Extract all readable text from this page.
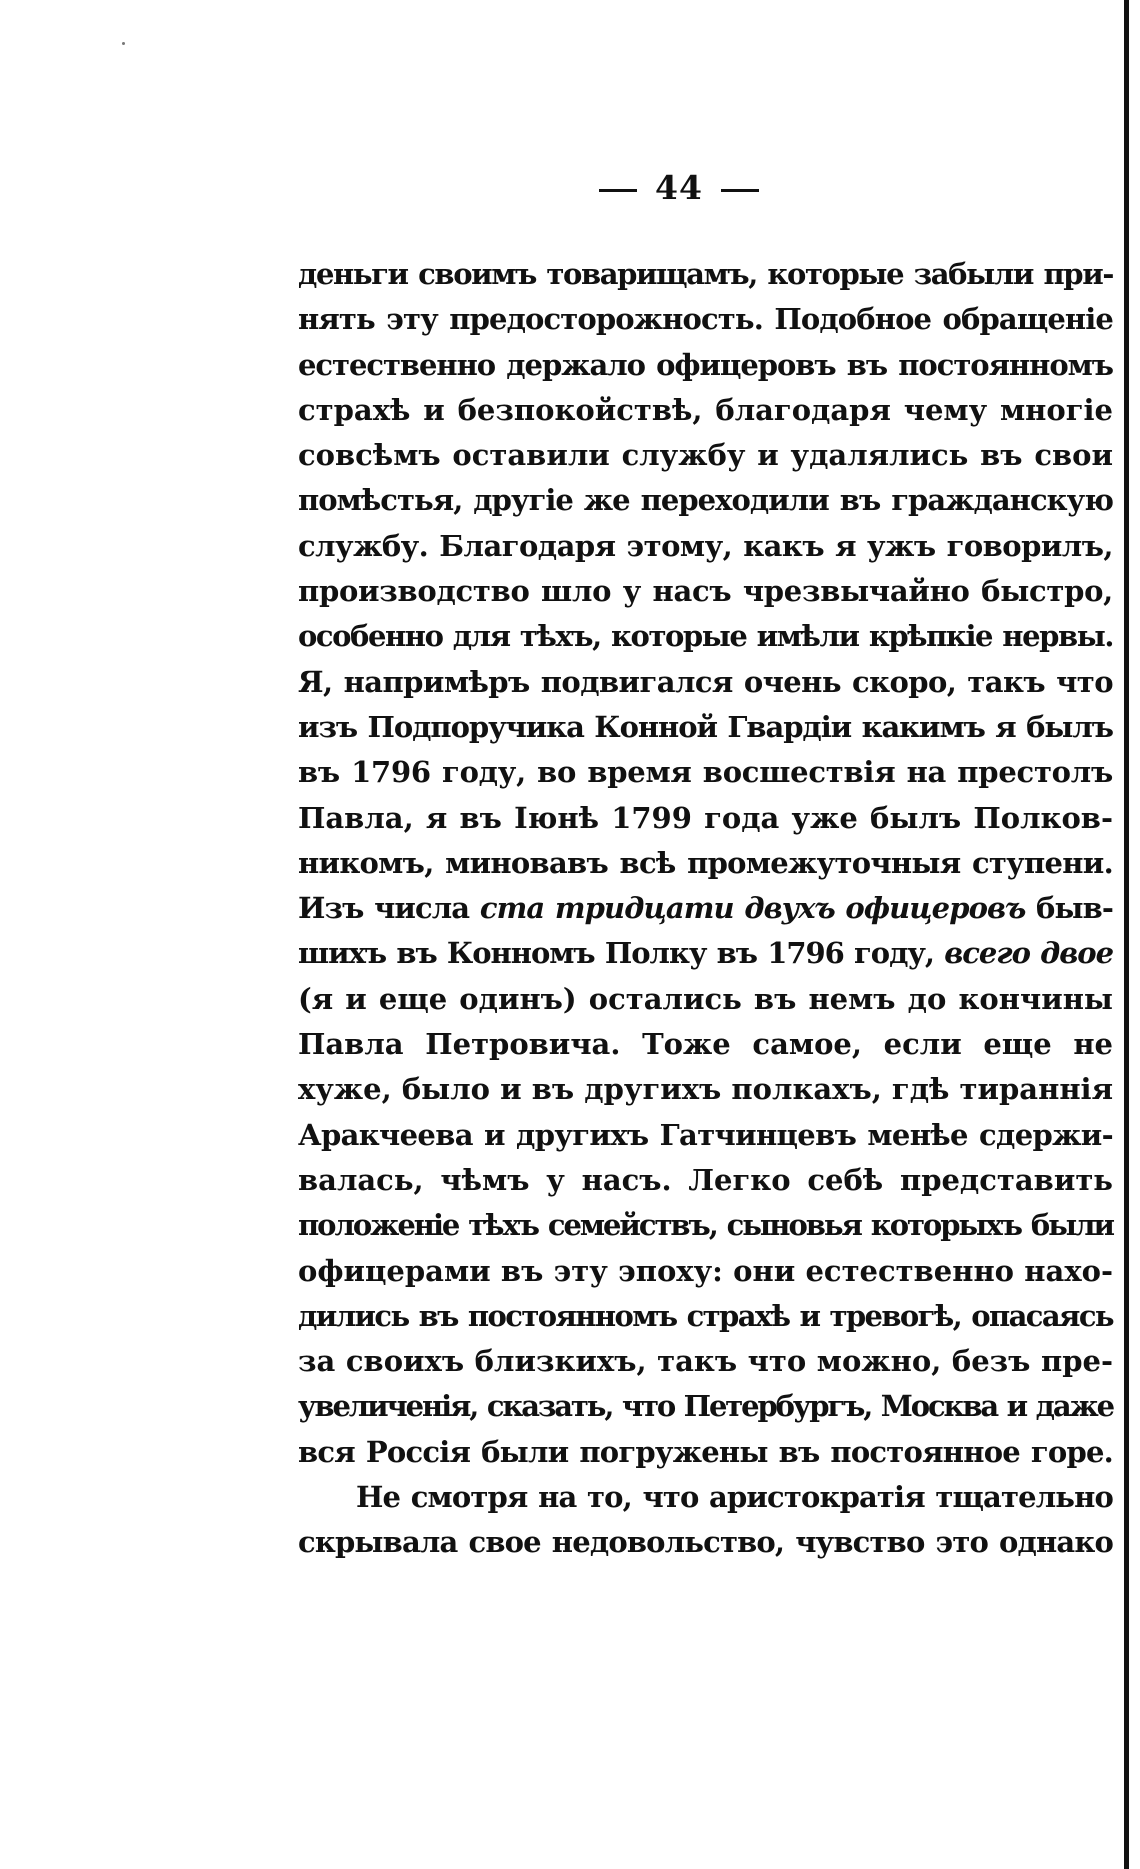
44
деньги своимъ товарищамъ, которые забыли при-
нять эту предосторожность. Подобное обращеніе
естественно держало офицеровъ въ постоянномъ
страхѣ и безпокойствѣ, благодаря чему многіе
совсѣмъ оставили службу и удалялись въ свои
помѣстья, другіе же переходили въ гражданскую
службу. Благодаря этому, какъ я ужъ говорилъ,
производство шло у насъ чрезвычайно быстро,
особенно для тѣхъ, которые имѣли крѣпкіе нервы.
Я, напримѣръ подвигался очень скоро, такъ что
изъ Подпоручика Конной Гвардіи какимъ я былъ
въ 1796 году, во время восшествія на престолъ
Павла, я въ Іюнѣ 1799 года уже былъ Полков-
никомъ, миновавъ всѣ промежуточныя ступени.
Изъ числа ста тридцати двухъ офицеровъ быв-
шихъ въ Конномъ Полку въ 1796 году, всего двое
(я и еще одинъ) остались въ немъ до кончины
Павла Петровича. Тоже самое, если еще не
хуже, было и въ другихъ полкахъ, гдѣ тираннія
Аракчеева и другихъ Гатчинцевъ менѣе сдержи-
валась, чѣмъ у насъ. Легко себѣ представить
положеніе тѣхъ семействъ, сыновья которыхъ были
офицерами въ эту эпоху: они естественно нахо-
дились въ постоянномъ страхѣ и тревогѣ, опасаясь
за своихъ близкихъ, такъ что можно, безъ пре-
увеличенія, сказать, что Петербургъ, Москва и даже
вся Россія были погружены въ постоянное горе.
Не смотря на то, что аристократія тщательно
скрывала свое недовольство, чувство это однако
